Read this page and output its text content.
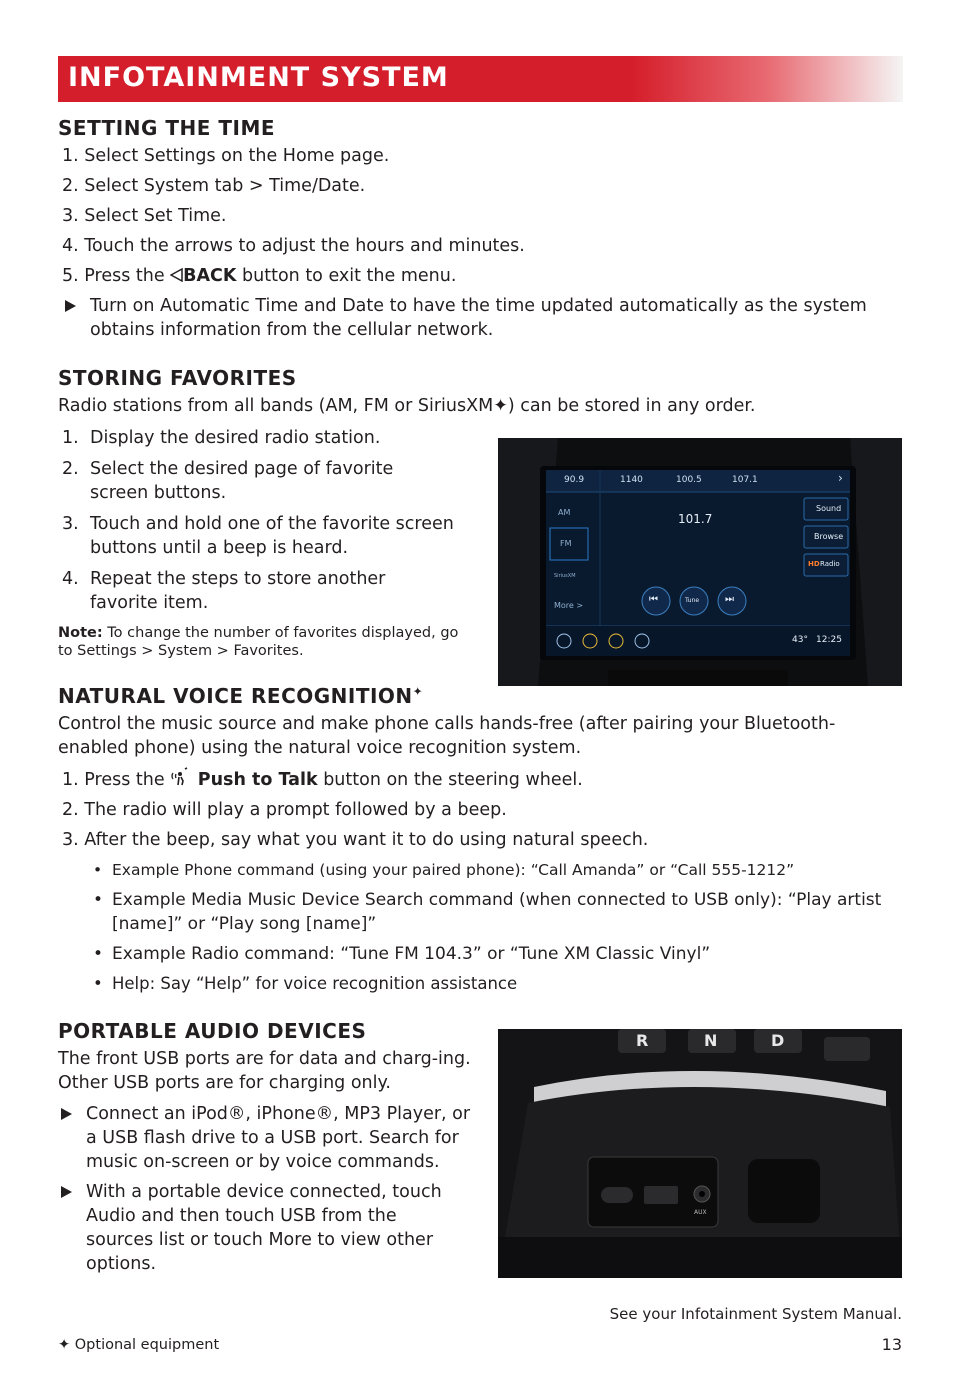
INFOTAINMENT SYSTEM
SETTING THE TIME
1. Select Settings on the Home page.
2. Select System tab > Time/Date.
3. Select Set Time.
4. Touch the arrows to adjust the hours and minutes.
5. Press the BACK button to exit the menu.
Turn on Automatic Time and Date to have the time updated automatically as the system obtains information from the cellular network.
STORING FAVORITES
Radio stations from all bands (AM, FM or SiriusXM✦) can be stored in any order.
1. Display the desired radio station.
2. Select the desired page of favorite screen buttons.
3. Touch and hold one of the favorite screen buttons until a beep is heard.
4. Repeat the steps to store another favorite item.
Note: To change the number of favorites displayed, go to Settings > System > Favorites.
90.9	1140	100.5	107.1	›
AM
FM
SiriusXM
More >
101.7
Sound
Browse
HD Radio
⏮	Tune	⏭
43° 12:25
NATURAL VOICE RECOGNITION✦
Control the music source and make phone calls hands-free (after pairing your Bluetooth-enabled phone) using the natural voice recognition system.
1. Press the  Push to Talk button on the steering wheel.
2. The radio will play a prompt followed by a beep.
3. After the beep, say what you want it to do using natural speech.
• Example Phone command (using your paired phone): “Call Amanda” or “Call 555-1212”
• Example Media Music Device Search command (when connected to USB only): “Play artist [name]” or “Play song [name]”
• Example Radio command: “Tune FM 104.3” or “Tune XM Classic Vinyl”
• Help: Say “Help” for voice recognition assistance
PORTABLE AUDIO DEVICES
The front USB ports are for data and charg-ing. Other USB ports are for charging only.
Connect an iPod®, iPhone®, MP3 Player, or a USB flash drive to a USB port. Search for music on-screen or by voice commands.
With a portable device connected, touch Audio and then touch USB from the sources list or touch More to view other options.
R	N	D
AUX
See your Infotainment System Manual.
✦ Optional equipment	13
